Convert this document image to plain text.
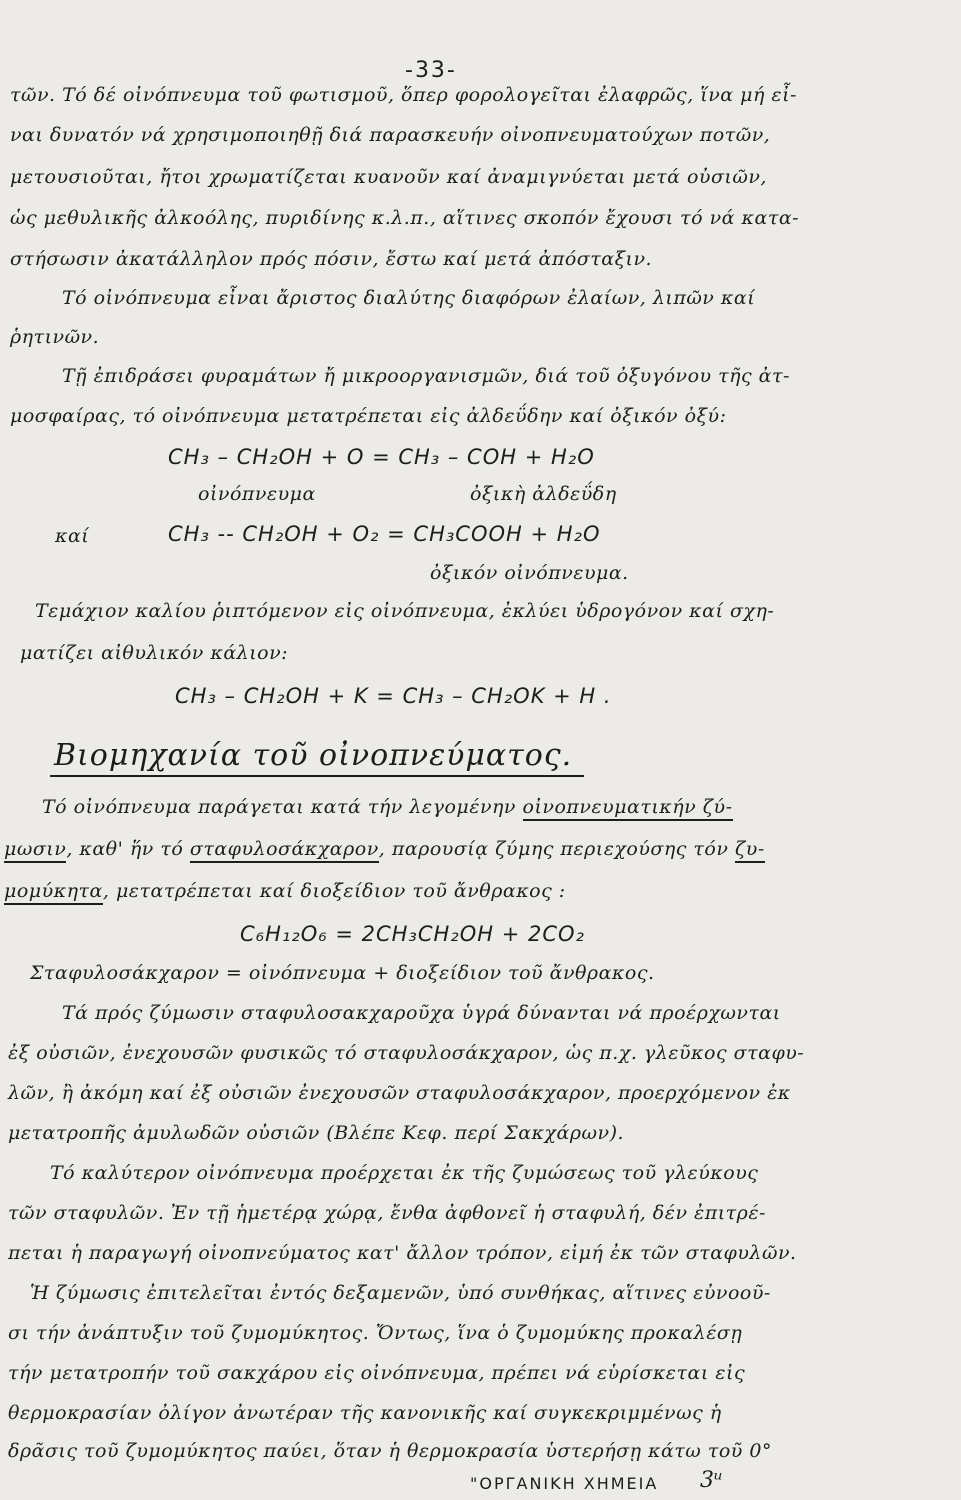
-33-
τῶν. Τό δέ οἰνόπνευμα τοῦ φωτισμοῦ, ὅπερ φορολογεῖται ἐλαφρῶς, ἵνα μή εἶ-
ναι δυνατόν νά χρησιμοποιηθῇ διά παρασκευήν οἰνοπνευματούχων ποτῶν,
μετουσιοῦται, ἤτοι χρωματίζεται κυανοῦν καί ἀναμιγνύεται μετά οὐσιῶν,
ὡς μεθυλικῆς ἀλκοόλης, πυριδίνης κ.λ.π., αἵτινες σκοπόν ἔχουσι τό νά κατα-
στήσωσιν ἀκατάλληλον πρός πόσιν, ἔστω καί μετά ἀπόσταξιν.
Τό οἰνόπνευμα εἶναι ἄριστος διαλύτης διαφόρων ἐλαίων, λιπῶν καί
ῥητινῶν.
Τῇ ἐπιδράσει φυραμάτων ἤ μικροοργανισμῶν, διά τοῦ ὀξυγόνου τῆς ἀτ-
μοσφαίρας, τό οἰνόπνευμα μετατρέπεται εἰς ἀλδεΰδην καί ὀξικόν ὀξύ:
CH₃ – CH₂OH + O = CH₃ – COH + H₂O
οἰνόπνευμα	ὀξικὴ ἀλδεΰδη
καί	CH₃ -- CH₂OH + O₂ = CH₃COOH + H₂O
ὀξικόν οἰνόπνευμα.
Τεμάχιον καλίου ῥιπτόμενον εἰς οἰνόπνευμα, ἐκλύει ὑδρογόνον καί σχη-
ματίζει αἰθυλικόν κάλιον:
CH₃ – CH₂OH + K = CH₃ – CH₂OK + H .
Βιομηχανία τοῦ οἰνοπνεύματος.
Τό οἰνόπνευμα παράγεται κατά τήν λεγομένην οἰνοπνευματικήν ζύ-
μωσιν, καθ' ἥν τό σταφυλοσάκχαρον, παρουσίᾳ ζύμης περιεχούσης τόν ζυ-
μομύκητα, μετατρέπεται καί διοξείδιον τοῦ ἄνθρακος :
C₆H₁₂O₆ = 2CH₃CH₂OH + 2CO₂
Σταφυλοσάκχαρον = οἰνόπνευμα + διοξείδιον τοῦ ἄνθρακος.
Τά πρός ζύμωσιν σταφυλοσακχαροῦχα ὑγρά δύνανται νά προέρχωνται
ἐξ οὐσιῶν, ἐνεχουσῶν φυσικῶς τό σταφυλοσάκχαρον, ὡς π.χ. γλεῦκος σταφυ-
λῶν, ἢ ἀκόμη καί ἐξ οὐσιῶν ἐνεχουσῶν σταφυλοσάκχαρον, προερχόμενον ἐκ
μετατροπῆς ἀμυλωδῶν οὐσιῶν (Βλέπε Κεφ. περί Σακχάρων).
Τό καλύτερον οἰνόπνευμα προέρχεται ἐκ τῆς ζυμώσεως τοῦ γλεύκους
τῶν σταφυλῶν. Ἐν τῇ ἡμετέρᾳ χώρᾳ, ἔνθα ἀφθονεῖ ἡ σταφυλή, δέν ἐπιτρέ-
πεται ἡ παραγωγή οἰνοπνεύματος κατ' ἄλλον τρόπον, εἰμή ἐκ τῶν σταφυλῶν.
Ἡ ζύμωσις ἐπιτελεῖται ἐντός δεξαμενῶν, ὑπό συνθήκας, αἵτινες εὐνοοῦ-
σι τήν ἀνάπτυξιν τοῦ ζυμομύκητος. Ὄντως, ἵνα ὁ ζυμομύκης προκαλέσῃ
τήν μετατροπήν τοῦ σακχάρου εἰς οἰνόπνευμα, πρέπει νά εὑρίσκεται εἰς
θερμοκρασίαν ὀλίγον ἀνωτέραν τῆς κανονικῆς καί συγκεκριμμένως ἡ
δρᾶσις τοῦ ζυμομύκητος παύει, ὅταν ἡ θερμοκρασία ὑστερήσῃ κάτω τοῦ 0°
"ΟΡΓΑΝΙΚΗ ΧΗΜΕΙΑ 3ᵘ
